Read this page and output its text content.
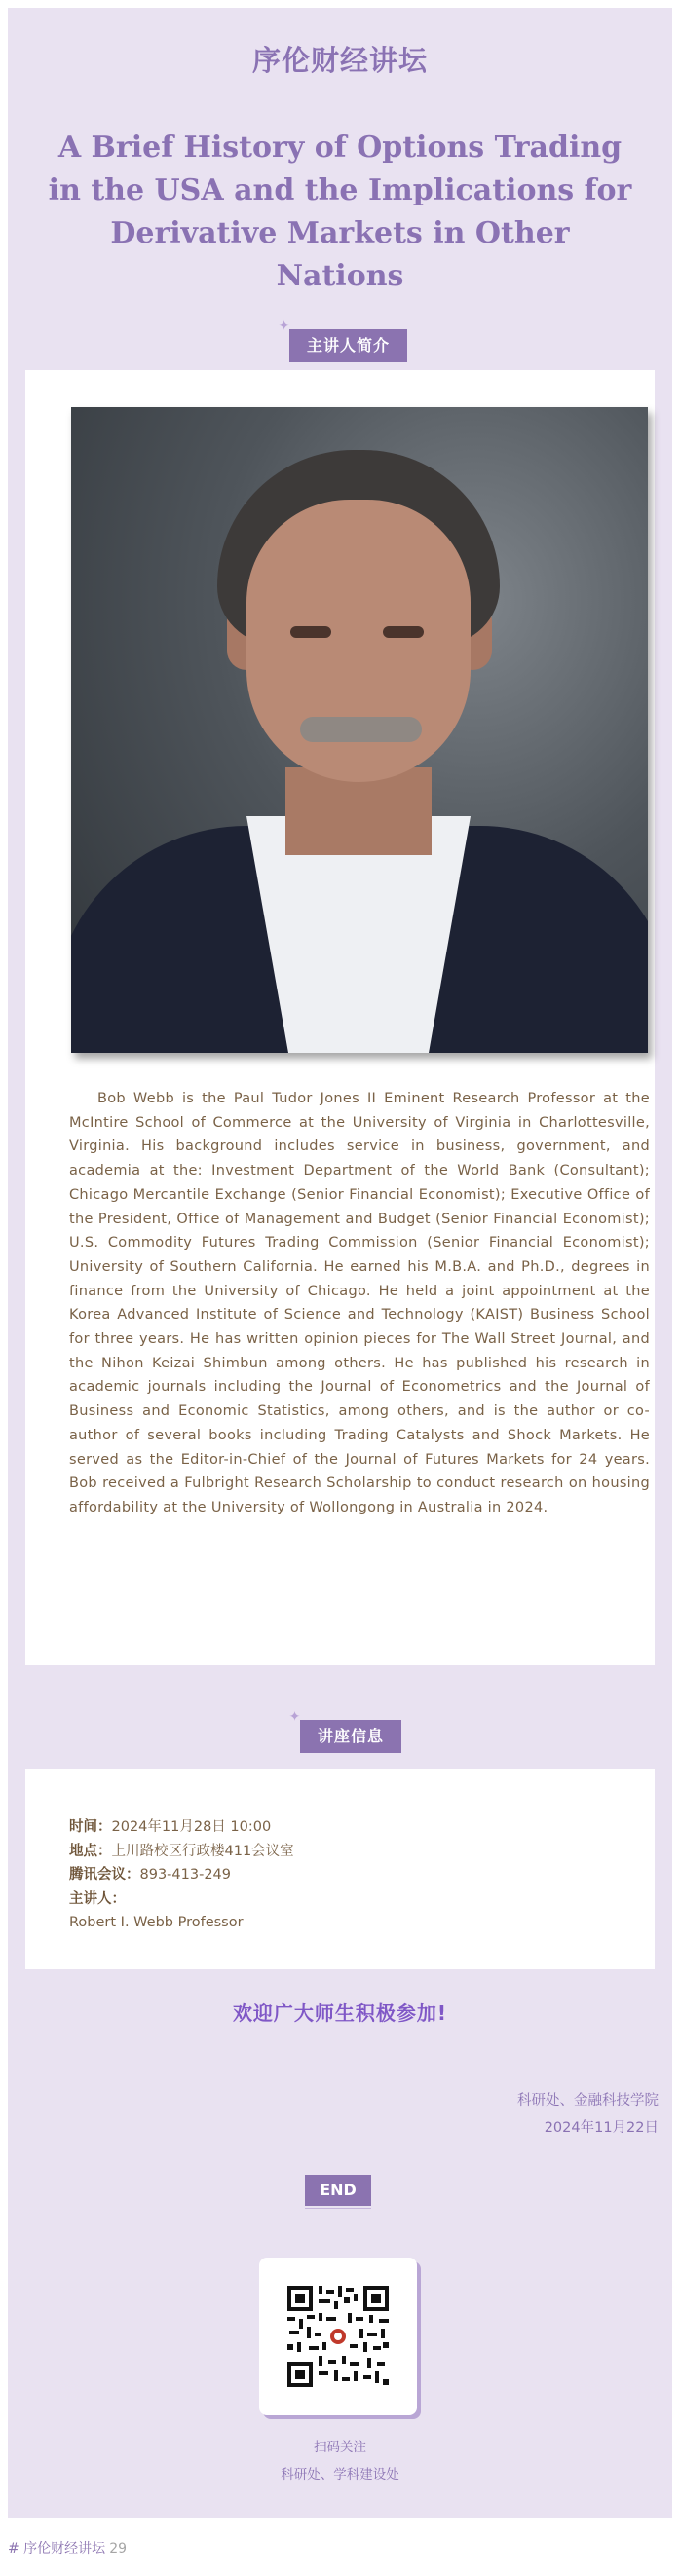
序伦财经讲坛
A Brief History of Options Trading in the USA and the Implications for Derivative Markets in Other Nations
✦
主讲人简介
Bob Webb is the Paul Tudor Jones II Eminent Research Professor at the McIntire School of Commerce at the University of Virginia in Charlottesville, Virginia. His background includes service in business, government, and academia at the: Investment Department of the World Bank (Consultant); Chicago Mercantile Exchange (Senior Financial Economist); Executive Office of the President, Office of Management and Budget (Senior Financial Economist); U.S. Commodity Futures Trading Commission (Senior Financial Economist); University of Southern California. He earned his M.B.A. and Ph.D., degrees in finance from the University of Chicago. He held a joint appointment at the Korea Advanced Institute of Science and Technology (KAIST) Business School for three years. He has written opinion pieces for The Wall Street Journal, and the Nihon Keizai Shimbun among others. He has published his research in academic journals including the Journal of Econometrics and the Journal of Business and Economic Statistics, among others, and is the author or co-author of several books including Trading Catalysts and Shock Markets. He served as the Editor-in-Chief of the Journal of Futures Markets for 24 years. Bob received a Fulbright Research Scholarship to conduct research on housing affordability at the University of Wollongong in Australia in 2024.
✦
讲座信息
时间：2024年11月28日 10:00
地点：上川路校区行政楼411会议室
腾讯会议：893-413-249
主讲人：
Robert I. Webb Professor
欢迎广大师生积极参加!
科研处、金融科技学院
2024年11月22日
END
扫码关注
科研处、学科建设处
# 序伦财经讲坛 29
